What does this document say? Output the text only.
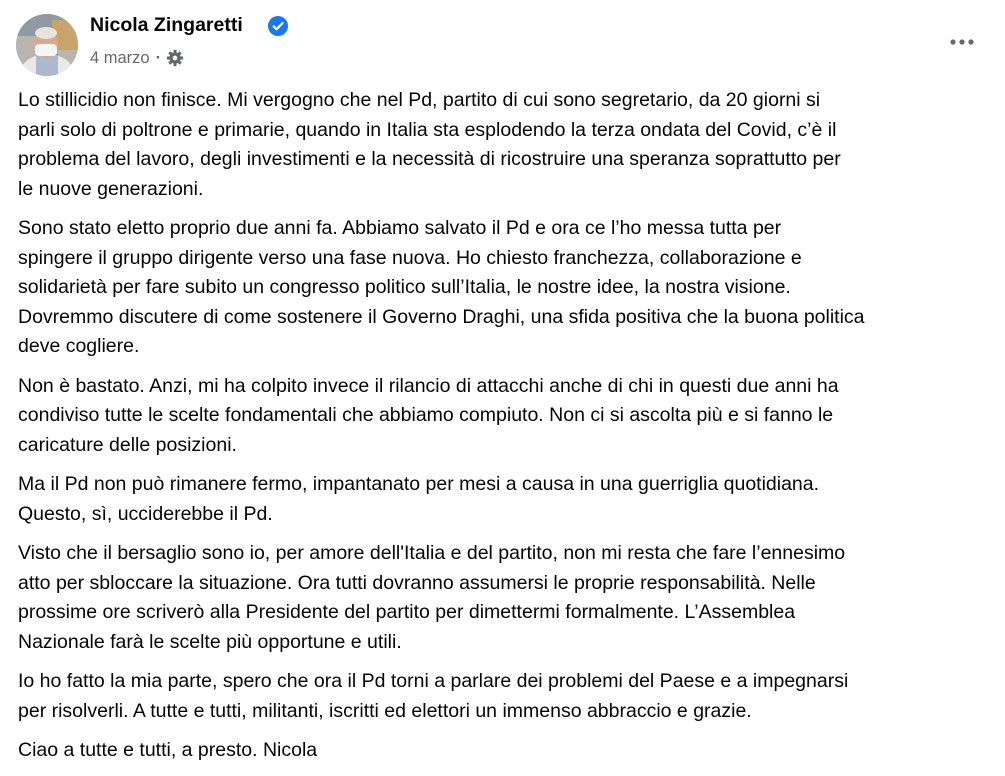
Nicola Zingaretti
4 marzo ·

Lo stillicidio non finisce. Mi vergogno che nel Pd, partito di cui sono segretario, da 20 giorni si
parli solo di poltrone e primarie, quando in Italia sta esplodendo la terza ondata del Covid, c’è il
problema del lavoro, degli investimenti e la necessità di ricostruire una speranza soprattutto per
le nuove generazioni.

Sono stato eletto proprio due anni fa. Abbiamo salvato il Pd e ora ce l’ho messa tutta per
spingere il gruppo dirigente verso una fase nuova. Ho chiesto franchezza, collaborazione e
solidarietà per fare subito un congresso politico sull’Italia, le nostre idee, la nostra visione.
Dovremmo discutere di come sostenere il Governo Draghi, una sfida positiva che la buona politica
deve cogliere.

Non è bastato. Anzi, mi ha colpito invece il rilancio di attacchi anche di chi in questi due anni ha
condiviso tutte le scelte fondamentali che abbiamo compiuto. Non ci si ascolta più e si fanno le
caricature delle posizioni.

Ma il Pd non può rimanere fermo, impantanato per mesi a causa in una guerriglia quotidiana.
Questo, sì, ucciderebbe il Pd.

Visto che il bersaglio sono io, per amore dell'Italia e del partito, non mi resta che fare l’ennesimo
atto per sbloccare la situazione. Ora tutti dovranno assumersi le proprie responsabilità. Nelle
prossime ore scriverò alla Presidente del partito per dimettermi formalmente. L’Assemblea
Nazionale farà le scelte più opportune e utili.

Io ho fatto la mia parte, spero che ora il Pd torni a parlare dei problemi del Paese e a impegnarsi
per risolverli. A tutte e tutti, militanti, iscritti ed elettori un immenso abbraccio e grazie.

Ciao a tutte e tutti, a presto. Nicola
